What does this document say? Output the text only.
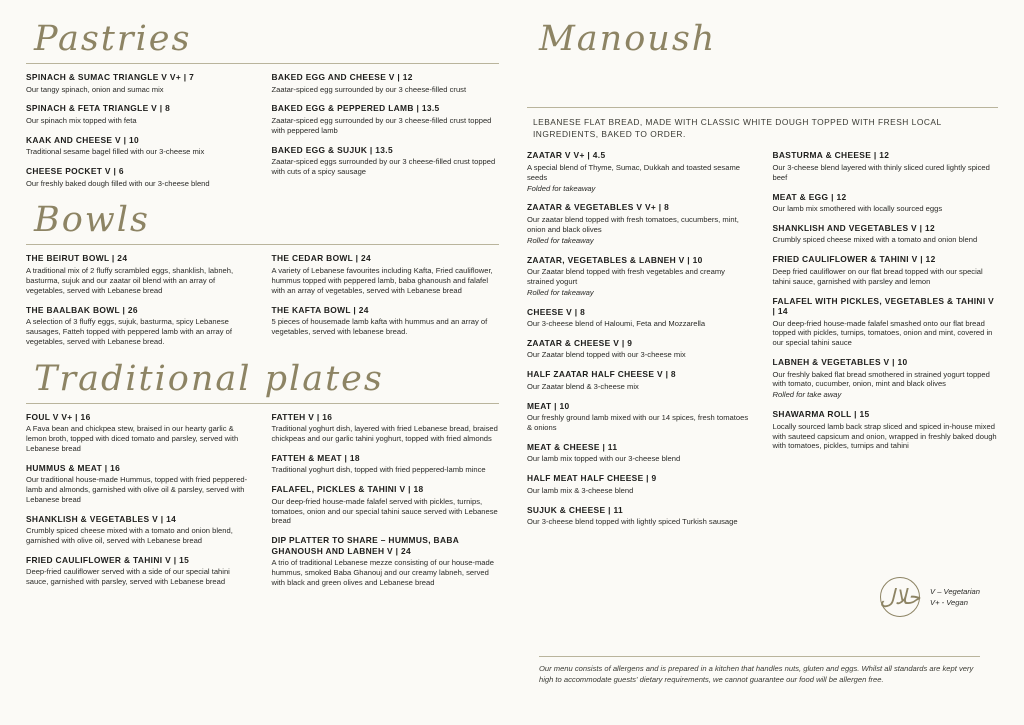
Pastries

SPINACH & SUMAC TRIANGLE V V+ | 7

Our tangy spinach, onion and sumac mix

SPINACH & FETA TRIANGLE V | 8

Our spinach mix topped with feta

KAAK AND CHEESE V | 10

Traditional sesame bagel filled with our 3-cheese mix

CHEESE POCKET V | 6

Our freshly baked dough filled with our 3-cheese blend

BAKED EGG AND CHEESE V | 12

Zaatar-spiced egg surrounded by our 3 cheese-filled crust

BAKED EGG & PEPPERED LAMB | 13.5

Zaatar-spiced egg surrounded by our 3 cheese-filled crust topped with peppered lamb

BAKED EGG & SUJUK | 13.5

Zaatar-spiced eggs surrounded by our 3 cheese-filled crust topped with cuts of a spicy sausage

Bowls

THE BEIRUT BOWL | 24

A traditional mix of 2 fluffy scrambled eggs, shanklish, labneh, basturma, sujuk and our zaatar oil blend with an array of vegetables, served with Lebanese bread

THE BAALBAK BOWL | 26

A selection of 3 fluffy eggs, sujuk, basturma, spicy Lebanese sausages, Fatteh topped with peppered lamb with an array of vegetables, served with Lebanese bread.

THE CEDAR BOWL | 24

A variety of Lebanese favourites including Kafta, Fried cauliflower, hummus topped with peppered lamb, baba ghanoush and falafel with an array of vegetables, served with Lebanese bread

THE KAFTA BOWL | 24

5 pieces of housemade lamb kafta with hummus and an array of vegetables, served with lebanese bread.

Traditional plates

FOUL V V+ | 16

A Fava bean and chickpea stew, braised in our hearty garlic & lemon broth, topped with diced tomato and parsley, served with Lebanese bread

HUMMUS & MEAT | 16

Our traditional house-made Hummus, topped with fried peppered-lamb and almonds, garnished with olive oil & parsley, served with Lebanese bread

SHANKLISH & VEGETABLES V | 14

Crumbly spiced cheese mixed with a tomato and onion blend, garnished with olive oil, served with Lebanese bread

FRIED CAULIFLOWER & TAHINI V | 15

Deep-fried cauliflower served with a side of our special tahini sauce, garnished with parsley, served with Lebanese bread

FATTEH V | 16

Traditional yoghurt dish, layered with fried Lebanese bread, braised chickpeas and our garlic tahini yoghurt, topped with fried almonds

FATTEH & MEAT | 18

Traditional yoghurt dish, topped with fried peppered-lamb mince

FALAFEL, PICKLES & TAHINI V | 18

Our deep-fried house-made falafel served with pickles, turnips, tomatoes, onion and our special tahini sauce served with Lebanese bread

DIP PLATTER TO SHARE – HUMMUS, BABA GHANOUSH AND LABNEH V | 24

A trio of traditional Lebanese mezze consisting of our house-made hummus, smoked Baba Ghanouj and our creamy labneh, served with black and green olives and Lebanese bread

Manoush

LEBANESE FLAT BREAD, MADE WITH CLASSIC WHITE DOUGH TOPPED WITH FRESH LOCAL INGREDIENTS, BAKED TO ORDER.

ZAATAR V V+ | 4.5

A special blend of Thyme, Sumac, Dukkah and toasted sesame seeds

Folded for takeaway

ZAATAR & VEGETABLES V V+ | 8

Our zaatar blend topped with fresh tomatoes, cucumbers, mint, onion and black olives

Rolled for takeaway

ZAATAR, VEGETABLES & LABNEH V | 10

Our Zaatar blend topped with fresh vegetables and creamy strained yogurt

Rolled for takeaway

CHEESE V | 8

Our 3-cheese blend of Haloumi, Feta and Mozzarella

ZAATAR & CHEESE V | 9

Our Zaatar blend topped with our 3-cheese mix

HALF ZAATAR HALF CHEESE V | 8

Our Zaatar blend & 3-cheese mix

MEAT | 10

Our freshly ground lamb mixed with our 14 spices, fresh tomatoes & onions

MEAT & CHEESE | 11

Our lamb mix topped with our 3-cheese blend

HALF MEAT HALF CHEESE | 9

Our lamb mix & 3-cheese blend

SUJUK & CHEESE | 11

Our 3-cheese blend topped with lightly spiced Turkish sausage

BASTURMA & CHEESE | 12

Our 3-cheese blend layered with thinly sliced cured lightly spiced beef

MEAT & EGG | 12

Our lamb mix smothered with locally sourced eggs

SHANKLISH AND VEGETABLES V | 12

Crumbly spiced cheese mixed with a tomato and onion blend

FRIED CAULIFLOWER & TAHINI V | 12

Deep fried cauliflower on our flat bread topped with our special tahini sauce, garnished with parsley and lemon

FALAFEL WITH PICKLES, VEGETABLES & TAHINI V | 14

Our deep-fried house-made falafel smashed onto our flat bread topped with pickles, turnips, tomatoes, onion and mint, covered in our special tahini sauce

LABNEH & VEGETABLES V | 10

Our freshly baked flat bread smothered in strained yogurt topped with tomato, cucumber, onion, mint and black olives

Rolled for take away

SHAWARMA ROLL | 15

Locally sourced lamb back strap sliced and spiced in-house mixed with sauteed capsicum and onion, wrapped in freshly baked dough with tomatoes, pickles, turnips and tahini

حلال V – Vegetarian
V+ - Vegan

Our menu consists of allergens and is prepared in a kitchen that handles nuts, gluten and eggs. Whilst all standards are kept very high to accommodate guests' dietary requirements, we cannot guarantee our food will be allergen free.
